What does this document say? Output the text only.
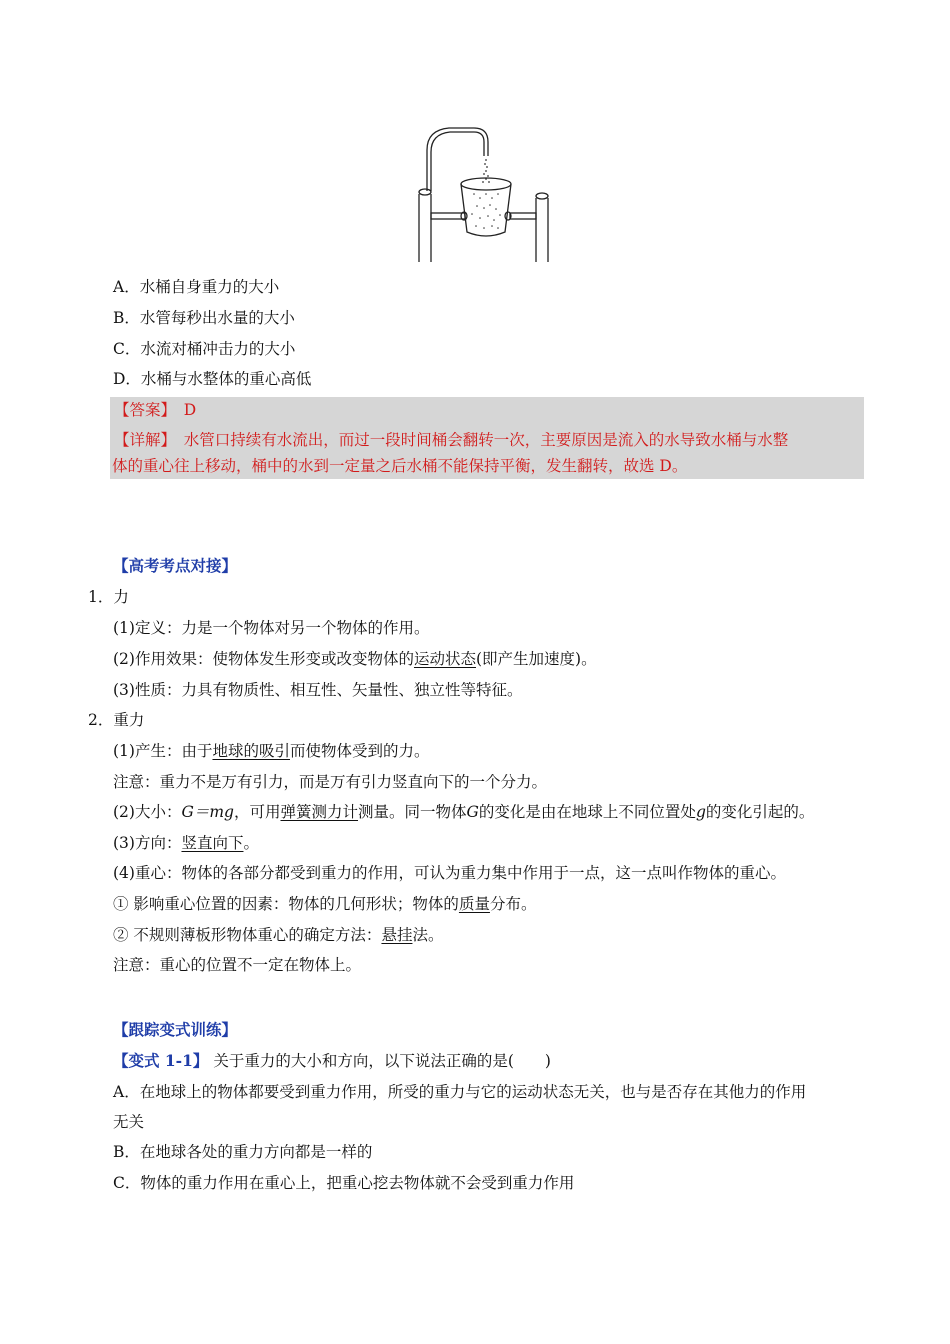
A．水桶自身重力的大小
B．水管每秒出水量的大小
C．水流对桶冲击力的大小
D．水桶与水整体的重心高低
【答案】　 D
【详解】　 水管口持续有水流出，而过一段时间桶会翻转一次，主要原因是流入的水导致水桶与水整
体的重心往上移动，桶中的水到一定量之后水桶不能保持平衡，发生翻转，故选 D。
【高考考点对接】
1．力
(1)定义：力是一个物体对另一个物体的作用。
(2)作用效果：使物体发生形变或改变物体的运动状态(即产生加速度)。
(3)性质：力具有物质性、相互性、矢量性、独立性等特征。
2．重力
(1)产生：由于地球的吸引而使物体受到的力。
注意：重力不是万有引力，而是万有引力竖直向下的一个分力。
(2)大小：G＝mg，可用弹簧测力计测量。同一物体G的变化是由在地球上不同位置处g的变化引起的。
(3)方向：竖直向下。
(4)重心：物体的各部分都受到重力的作用，可认为重力集中作用于一点，这一点叫作物体的重心。
① 影响重心位置的因素：物体的几何形状；物体的质量分布。
② 不规则薄板形物体重心的确定方法：悬挂法。
注意：重心的位置不一定在物体上。
【跟踪变式训练】
【变式 1-1】 关于重力的大小和方向，以下说法正确的是(　　)
A．在地球上的物体都要受到重力作用，所受的重力与它的运动状态无关，也与是否存在其他力的作用
无关
B．在地球各处的重力方向都是一样的
C．物体的重力作用在重心上，把重心挖去物体就不会受到重力作用
